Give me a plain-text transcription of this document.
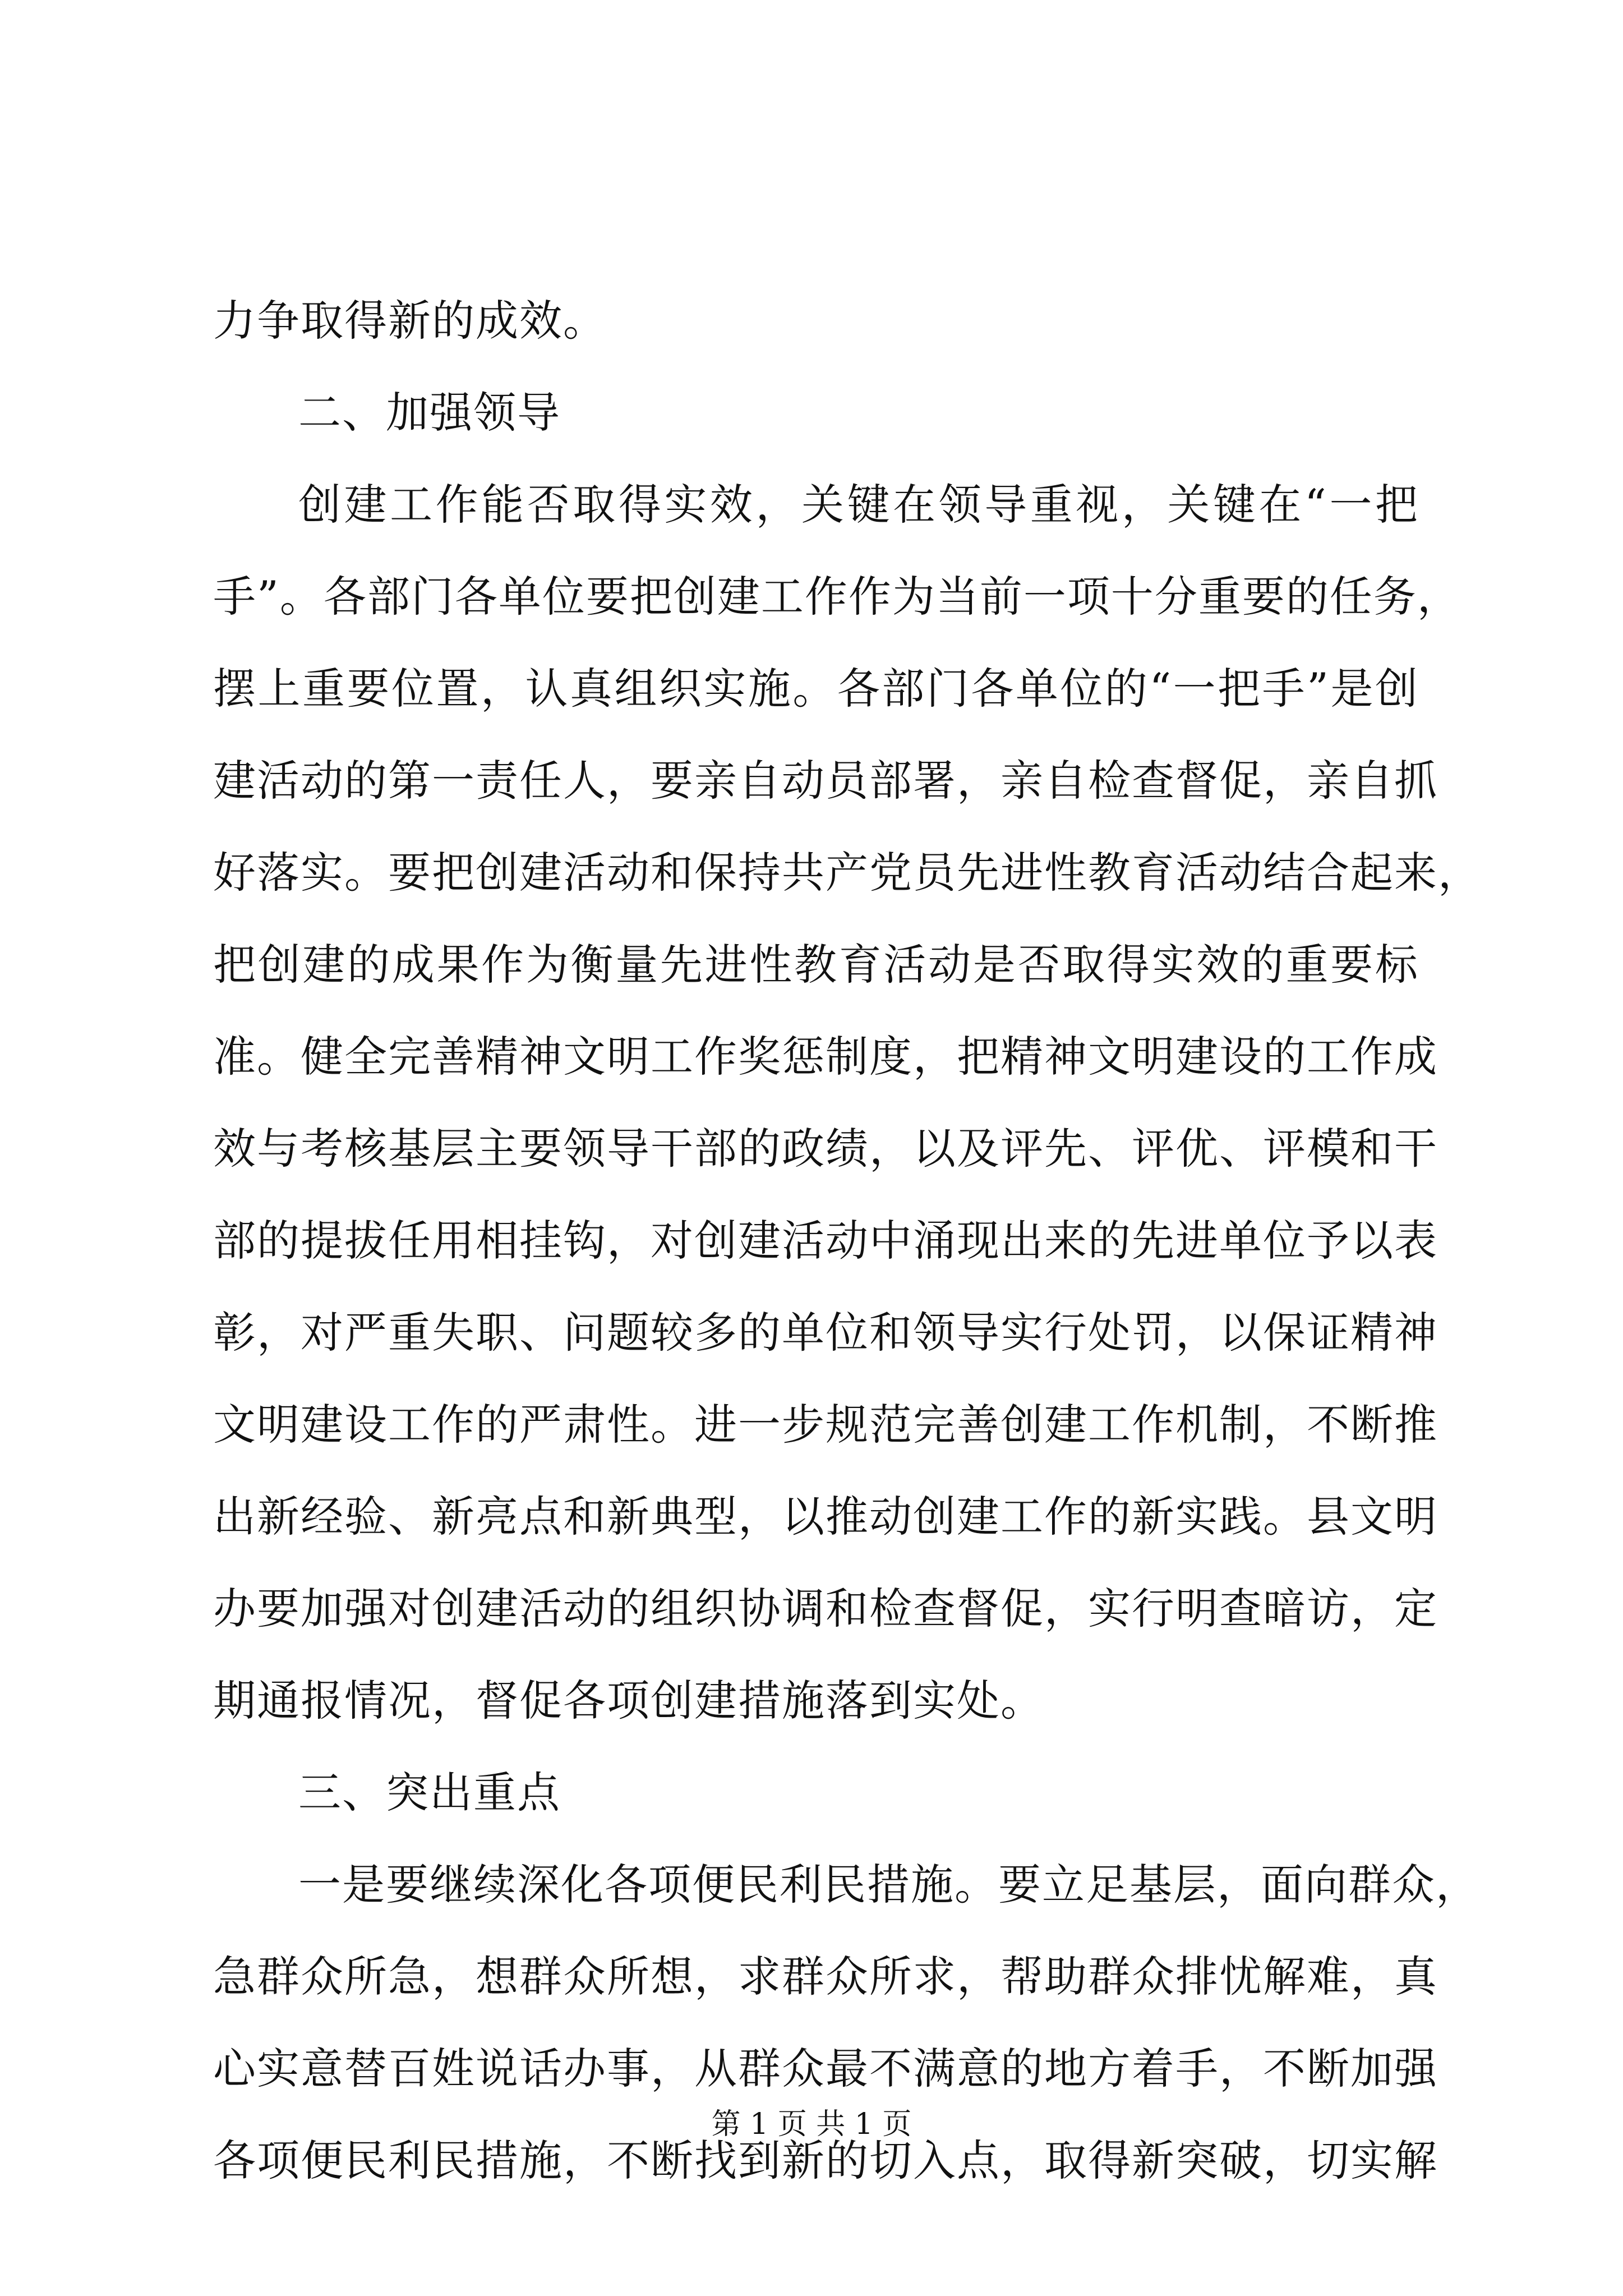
力争取得新的成效。
二、加强领导
创建工作能否取得实效，关键在领导重视，关键在“一把
手”。各部门各单位要把创建工作作为当前一项十分重要的任务，
摆上重要位置，认真组织实施。各部门各单位的“一把手”是创
建活动的第一责任人，要亲自动员部署，亲自检查督促，亲自抓
好落实。要把创建活动和保持共产党员先进性教育活动结合起来，
把创建的成果作为衡量先进性教育活动是否取得实效的重要标
准。健全完善精神文明工作奖惩制度，把精神文明建设的工作成
效与考核基层主要领导干部的政绩，以及评先、评优、评模和干
部的提拔任用相挂钩，对创建活动中涌现出来的先进单位予以表
彰，对严重失职、问题较多的单位和领导实行处罚，以保证精神
文明建设工作的严肃性。进一步规范完善创建工作机制，不断推
出新经验、新亮点和新典型，以推动创建工作的新实践。县文明
办要加强对创建活动的组织协调和检查督促，实行明查暗访，定
期通报情况，督促各项创建措施落到实处。
三、突出重点
一是要继续深化各项便民利民措施。要立足基层，面向群众，
急群众所急，想群众所想，求群众所求，帮助群众排忧解难，真
心实意替百姓说话办事，从群众最不满意的地方着手，不断加强
各项便民利民措施，不断找到新的切入点，取得新突破，切实解
第 1 页 共 1 页
